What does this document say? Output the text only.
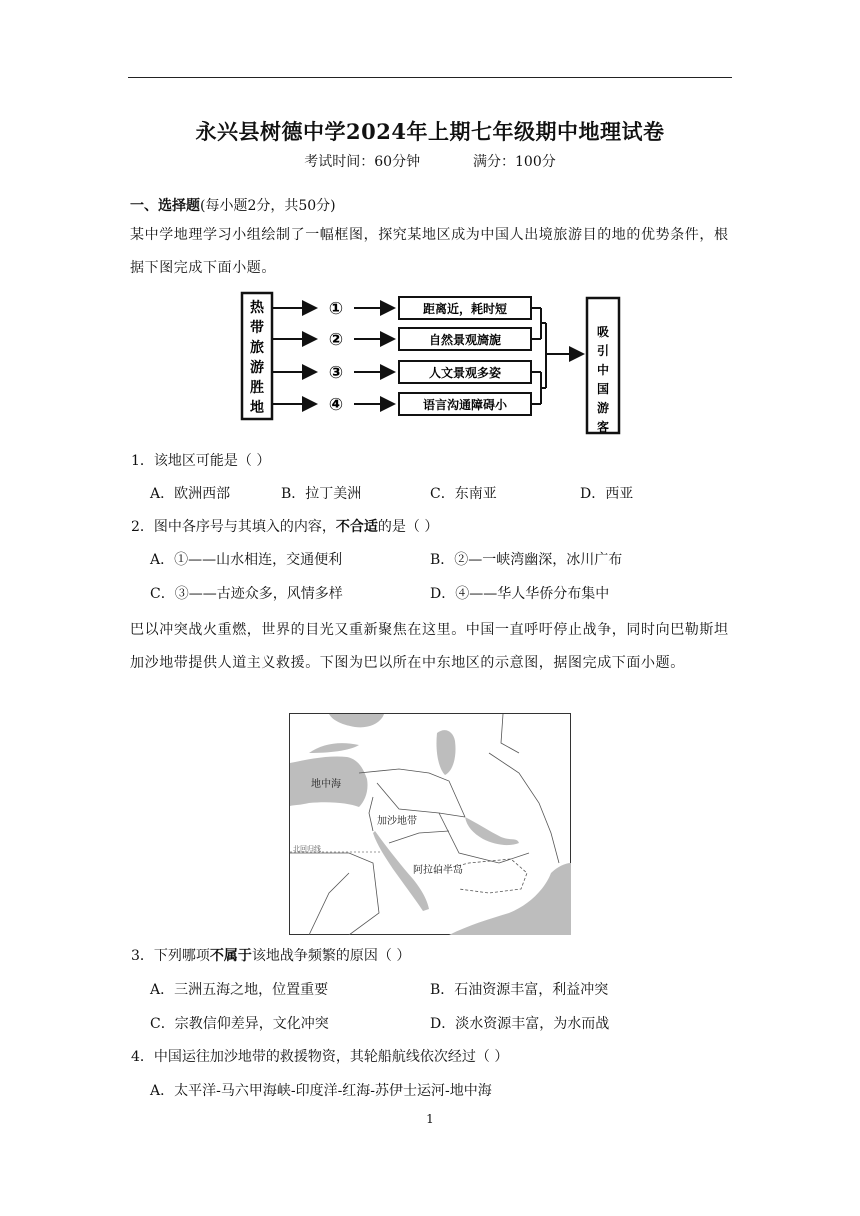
永兴县树德中学2024年上期七年级期中地理试卷
考试时间：60分钟	满分：100分
一、选择题(每小题2分，共50分)
某中学地理学习小组绘制了一幅框图，探究某地区成为中国人出境旅游目的地的优势条件，根据下图完成下面小题。
热
带
旅
游
胜
地
吸
引
中
国
游
客
①	距离近，耗时短
②	自然景观旖旎
③	人文景观多姿
④	语言沟通障碍小
1．该地区可能是（ ）
A．欧洲西部	B．拉丁美洲	C．东南亚	D．西亚
2．图中各序号与其填入的内容，不合适的是（ ）
A．①——山水相连，交通便利	B．②—一峡湾幽深，冰川广布
C．③——古迹众多，风情多样	D．④——华人华侨分布集中
巴以冲突战火重燃，世界的目光又重新聚焦在这里。中国一直呼吁停止战争，同时向巴勒斯坦加沙地带提供人道主义救援。下图为巴以所在中东地区的示意图，据图完成下面小题。
地中海
加沙地带
北回归线
阿拉伯半岛
3．下列哪项不属于该地战争频繁的原因（ ）
A．三洲五海之地，位置重要	B．石油资源丰富，利益冲突
C．宗教信仰差异，文化冲突	D．淡水资源丰富，为水而战
4．中国运往加沙地带的救援物资，其轮船航线依次经过（ ）
A．太平洋-马六甲海峡-印度洋-红海-苏伊士运河-地中海
1
